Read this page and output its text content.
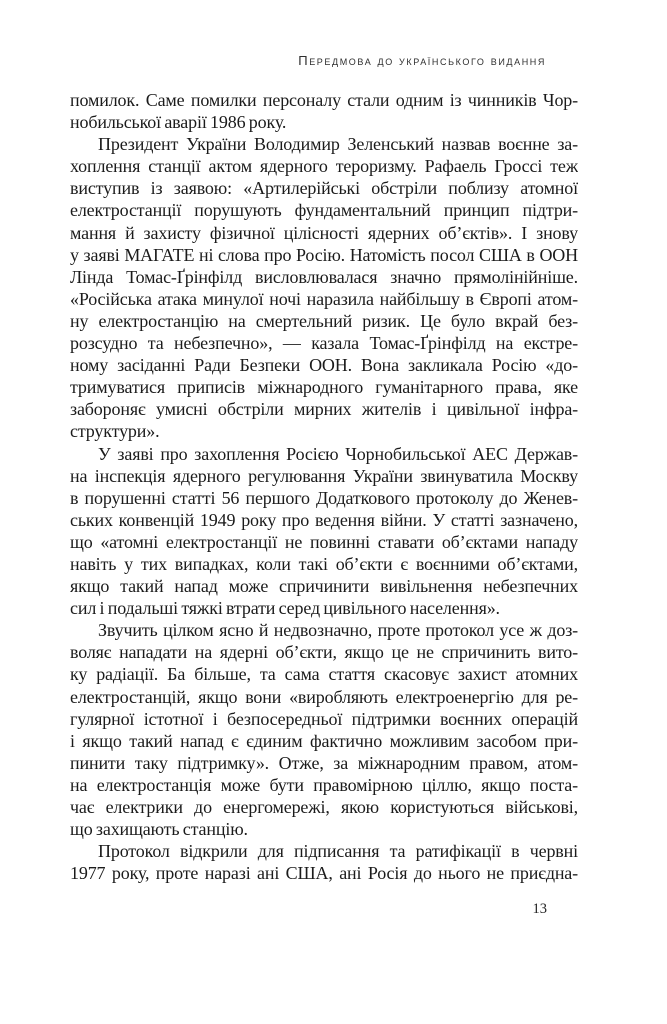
Передмова до українського видання
помилок. Саме помилки персоналу стали одним із чинників Чор-
нобильської аварії 1986 року.
Президент України Володимир Зеленський назвав воєнне за-
хоплення станції актом ядерного тероризму. Рафаель Гроссі теж
виступив із заявою: «Артилерійські обстріли поблизу атомної
електростанції порушують фундаментальний принцип підтри-
мання й захисту фізичної цілісності ядерних об’єктів». І знову
у заяві МАГАТЕ ні слова про Росію. Натомість посол США в ООН
Лінда Томас-Ґрінфілд висловлювалася значно прямолінійніше.
«Російська атака минулої ночі наразила найбільшу в Європі атом-
ну електростанцію на смертельний ризик. Це було вкрай без-
розсудно та небезпечно», — казала Томас-Ґрінфілд на екстре-
ному засіданні Ради Безпеки ООН. Вона закликала Росію «до-
тримуватися приписів міжнародного гуманітарного права, яке
забороняє умисні обстріли мирних жителів і цивільної інфра-
структури».
У заяві про захоплення Росією Чорнобильської АЕС Держав-
на інспекція ядерного регулювання України звинуватила Москву
в порушенні статті 56 першого Додаткового протоколу до Женев-
ських конвенцій 1949 року про ведення війни. У статті зазначено,
що «атомні електростанції не повинні ставати об’єктами нападу
навіть у тих випадках, коли такі об’єкти є воєнними об’єктами,
якщо такий напад може спричинити вивільнення небезпечних
сил і подальші тяжкі втрати серед цивільного населення».
Звучить цілком ясно й недвозначно, проте протокол усе ж доз-
воляє нападати на ядерні об’єкти, якщо це не спричинить вито-
ку радіації. Ба більше, та сама стаття скасовує захист атомних
електростанцій, якщо вони «виробляють електроенергію для ре-
гулярної істотної і безпосередньої підтримки воєнних операцій
і якщо такий напад є єдиним фактично можливим засобом при-
пинити таку підтримку». Отже, за міжнародним правом, атом-
на електростанція може бути правомірною ціллю, якщо поста-
чає електрики до енергомережі, якою користуються військові,
що захищають станцію.
Протокол відкрили для підписання та ратифікації в червні
1977 року, проте наразі ані США, ані Росія до нього не приєдна-
13
